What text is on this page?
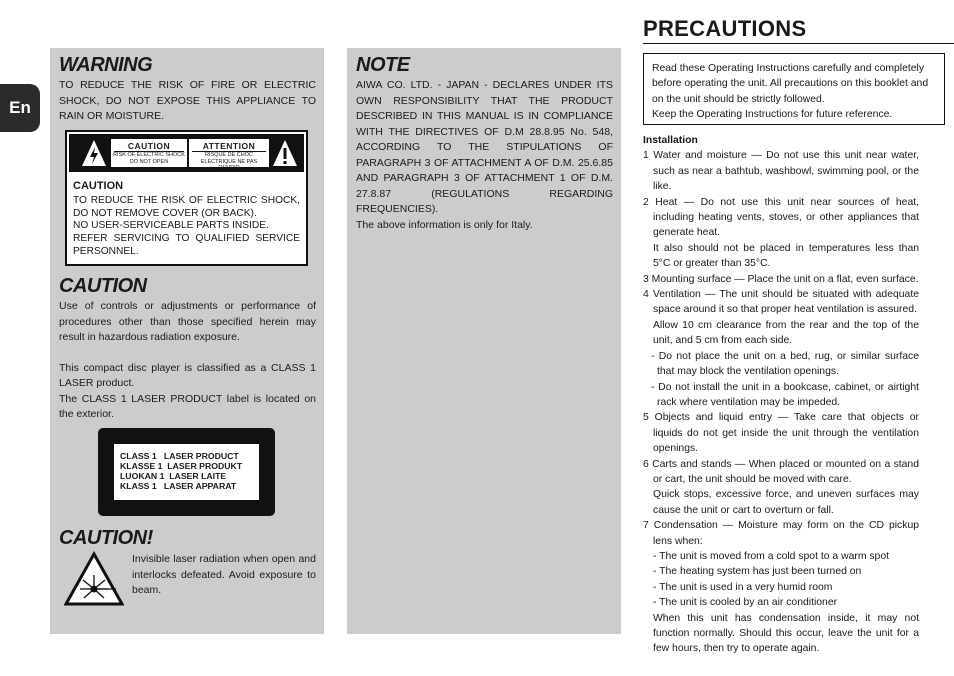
En
WARNING

TO REDUCE THE RISK OF FIRE OR ELECTRIC SHOCK, DO NOT EXPOSE THIS APPLIANCE TO RAIN OR MOISTURE.

CAUTION
RISK OF ELECTRIC SHOCK DO NOT OPEN
ATTENTION
RISQUE DE CHOC ELECTRIQUE NE PAS OUVRIR
CAUTION
TO REDUCE THE RISK OF ELECTRIC SHOCK, DO NOT REMOVE COVER (OR BACK).
NO USER-SERVICEABLE PARTS INSIDE.
REFER SERVICING TO QUALIFIED SERVICE PERSONNEL.
CAUTION

Use of controls or adjustments or performance of procedures other than those specified herein may result in hazardous radiation exposure.

This compact disc player is classified as a CLASS 1 LASER product.

The CLASS 1 LASER PRODUCT label is located on the exterior.

CLASS 1   LASER PRODUCT
KLASSE 1  LASER PRODUKT
LUOKAN 1  LASER LAITE
KLASS 1   LASER APPARAT
CAUTION!

Invisible laser radiation when open and interlocks defeated. Avoid exposure to beam.

NOTE

AIWA CO. LTD. - JAPAN - DECLARES UNDER ITS OWN RESPONSIBILITY THAT THE PRODUCT DESCRIBED IN THIS MANUAL IS IN COMPLIANCE WITH THE DIRECTIVES OF D.M 28.8.95 No. 548, ACCORDING TO THE STIPULATIONS OF PARAGRAPH 3 OF ATTACHMENT A OF D.M. 25.6.85 AND PARAGRAPH 3 OF ATTACHMENT 1 OF D.M. 27.8.87 (REGULATIONS REGARDING FREQUENCIES).

The above information is only for Italy.

PRECAUTIONS
Read these Operating Instructions carefully and completely before operating the unit. All precautions on this booklet and on the unit should be strictly followed.
Keep the Operating Instructions for future reference.
Installation
1 Water and moisture — Do not use this unit near water, such as near a bathtub, washbowl, swimming pool, or the like.
2 Heat — Do not use this unit near sources of heat, including heating vents, stoves, or other appliances that generate heat.
It also should not be placed in temperatures less than 5°C or greater than 35°C.
3 Mounting surface — Place the unit on a flat, even surface.
4 Ventilation — The unit should be situated with adequate space around it so that proper heat ventilation is assured.
Allow 10 cm clearance from the rear and the top of the unit, and 5 cm from each side.
- Do not place the unit on a bed, rug, or similar surface that may block the ventilation openings.
- Do not install the unit in a bookcase, cabinet, or airtight rack where ventilation may be impeded.
5 Objects and liquid entry — Take care that objects or liquids do not get inside the unit through the ventilation openings.
6 Carts and stands — When placed or mounted on a stand or cart, the unit should be moved with care.
Quick stops, excessive force, and uneven surfaces may cause the unit or cart to overturn or fall.
7 Condensation — Moisture may form on the CD pickup lens when:
- The unit is moved from a cold spot to a warm spot
- The heating system has just been turned on
- The unit is used in a very humid room
- The unit is cooled by an air conditioner
When this unit has condensation inside, it may not function normally. Should this occur, leave the unit for a few hours, then try to operate again.
